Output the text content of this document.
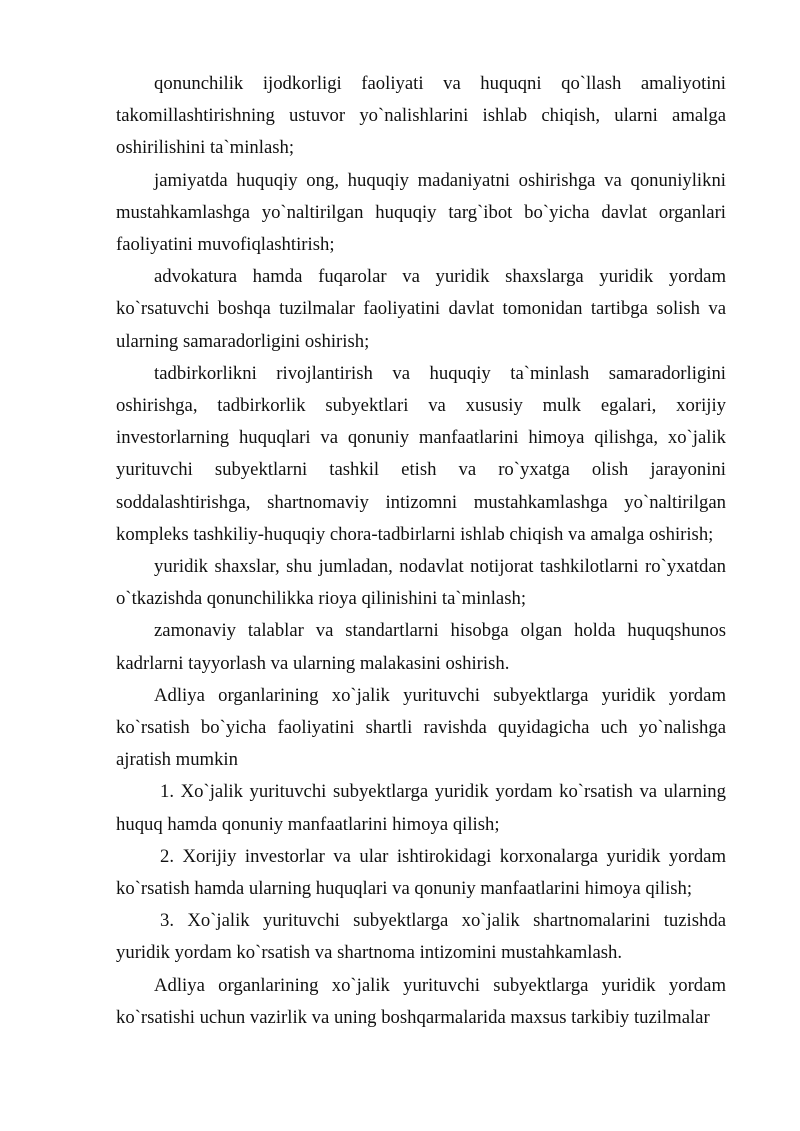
qonunchilik ijodkorligi faoliyati va huquqni qo`llash amaliyotini takomillashtirishning ustuvor yo`nalishlarini ishlab chiqish, ularni amalga oshirilishini ta`minlash;

jamiyatda huquqiy ong, huquqiy madaniyatni oshirishga va qonuniylikni mustahkamlashga yo`naltirilgan huquqiy targ`ibot bo`yicha davlat organlari faoliyatini muvofiqlashtirish;

advokatura hamda fuqarolar va yuridik shaxslarga yuridik yordam ko`rsatuvchi boshqa tuzilmalar faoliyatini davlat tomonidan tartibga solish va ularning samaradorligini oshirish;

tadbirkorlikni rivojlantirish va huquqiy ta`minlash samaradorligini oshirishga, tadbirkorlik subyektlari va xususiy mulk egalari, xorijiy investorlarning huquqlari va qonuniy manfaatlarini himoya qilishga, xo`jalik yurituvchi subyektlarni tashkil etish va ro`yxatga olish jarayonini soddalashtirishga, shartnomaviy intizomni mustahkamlashga yo`naltirilgan kompleks tashkiliy-huquqiy chora-tadbirlarni ishlab chiqish va amalga oshirish;

yuridik shaxslar, shu jumladan, nodavlat notijorat tashkilotlarni ro`yxatdan o`tkazishda qonunchilikka rioya qilinishini ta`minlash;

zamonaviy talablar va standartlarni hisobga olgan holda huquqshunos kadrlarni tayyorlash va ularning malakasini oshirish.

Adliya organlarining xo`jalik yurituvchi subyektlarga yuridik yordam ko`rsatish bo`yicha faoliyatini shartli ravishda quyidagicha uch yo`nalishga ajratish mumkin

1. Xo`jalik yurituvchi subyektlarga yuridik yordam ko`rsatish va ularning huquq hamda qonuniy manfaatlarini himoya qilish;

2. Xorijiy investorlar va ular ishtirokidagi korxonalarga yuridik yordam ko`rsatish hamda ularning huquqlari va qonuniy manfaatlarini himoya qilish;

3. Xo`jalik yurituvchi subyektlarga xo`jalik shartnomalarini tuzishda yuridik yordam ko`rsatish va shartnoma intizomini mustahkamlash.

Adliya organlarining xo`jalik yurituvchi subyektlarga yuridik yordam ko`rsatishi uchun vazirlik va uning boshqarmalarida maxsus tarkibiy tuzilmalar
